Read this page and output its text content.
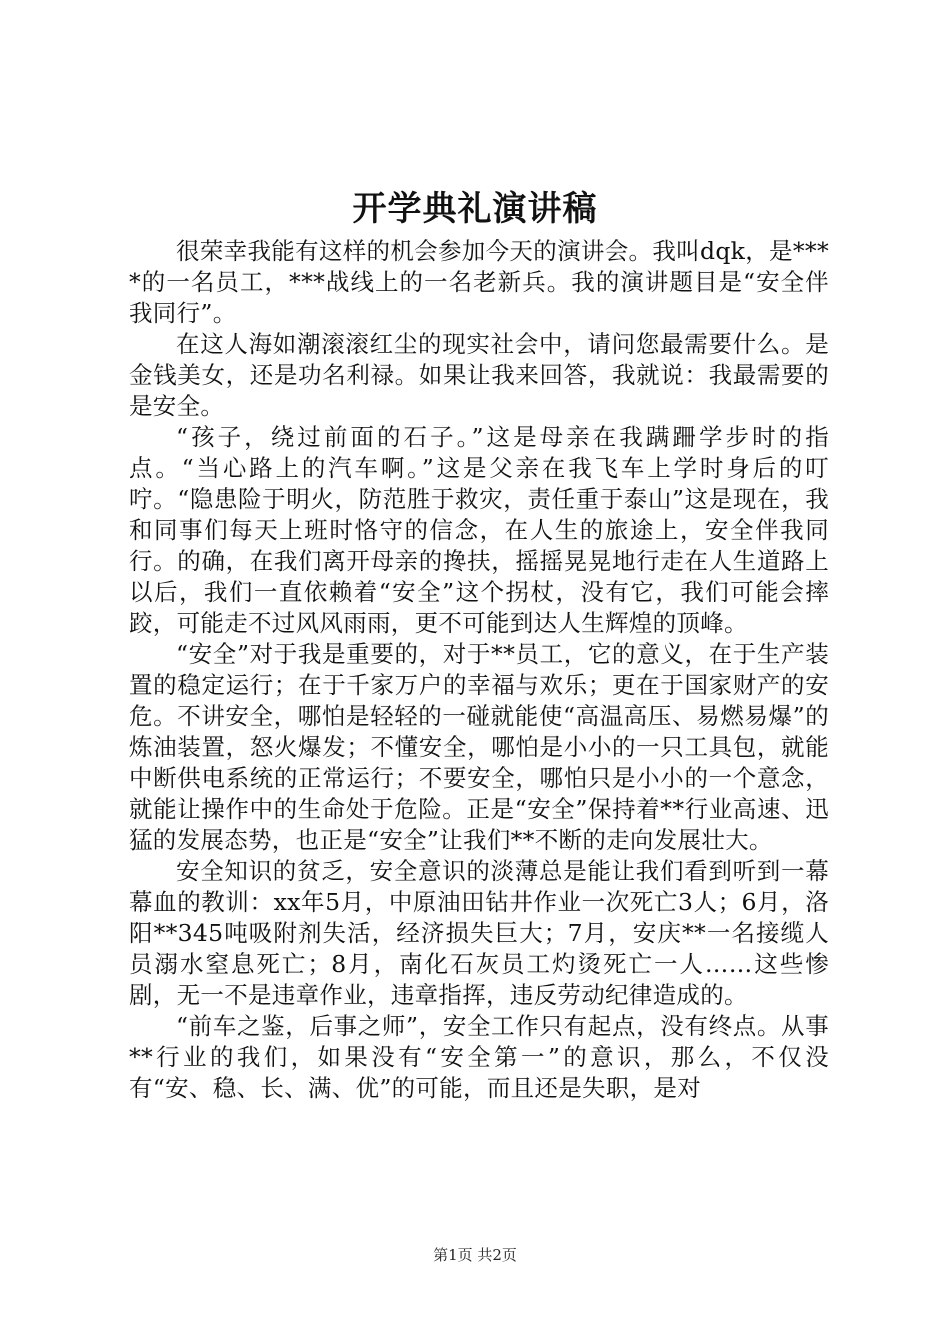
开学典礼演讲稿

很荣幸我能有这样的机会参加今天的演讲会。我叫dqk，是****的一名员工，***战线上的一名老新兵。我的演讲题目是“安全伴我同行”。

在这人海如潮滚滚红尘的现实社会中，请问您最需要什么。是金钱美女，还是功名利禄。如果让我来回答，我就说：我最需要的是安全。

“孩子，绕过前面的石子。”这是母亲在我蹒跚学步时的指点。“当心路上的汽车啊。”这是父亲在我飞车上学时身后的叮咛。“隐患险于明火，防范胜于救灾，责任重于泰山”这是现在，我和同事们每天上班时恪守的信念，在人生的旅途上，安全伴我同行。的确，在我们离开母亲的搀扶，摇摇晃晃地行走在人生道路上以后，我们一直依赖着“安全”这个拐杖，没有它，我们可能会摔跤，可能走不过风风雨雨，更不可能到达人生辉煌的顶峰。

“安全”对于我是重要的，对于**员工，它的意义，在于生产装置的稳定运行；在于千家万户的幸福与欢乐；更在于国家财产的安危。不讲安全，哪怕是轻轻的一碰就能使“高温高压、易燃易爆”的炼油装置，怒火爆发；不懂安全，哪怕是小小的一只工具包，就能中断供电系统的正常运行；不要安全，哪怕只是小小的一个意念，就能让操作中的生命处于危险。正是“安全”保持着**行业高速、迅猛的发展态势，也正是“安全”让我们**不断的走向发展壮大。

安全知识的贫乏，安全意识的淡薄总是能让我们看到听到一幕幕血的教训：xx年5月，中原油田钻井作业一次死亡3人；6月，洛阳**345吨吸附剂失活，经济损失巨大；7月，安庆**一名接缆人员溺水窒息死亡；8月，南化石灰员工灼烫死亡一人……这些惨剧，无一不是违章作业，违章指挥，违反劳动纪律造成的。

“前车之鉴，后事之师”，安全工作只有起点，没有终点。从事**行业的我们，如果没有“安全第一”的意识，那么，不仅没有“安、稳、长、满、优”的可能，而且还是失职，是对

第1页 共2页
